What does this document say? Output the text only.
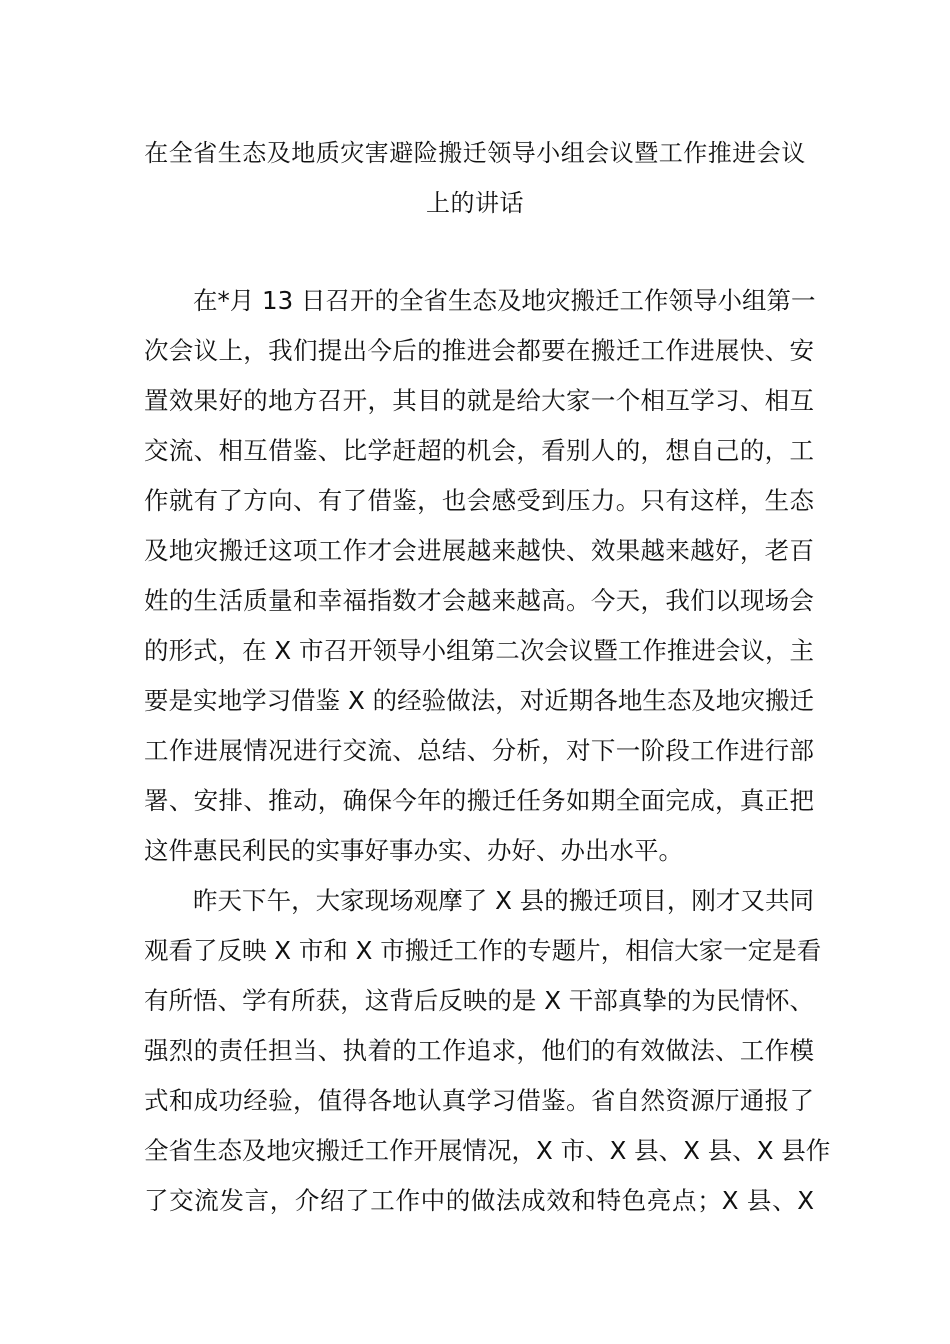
在全省生态及地质灾害避险搬迁领导小组会议暨工作推进会议
上的讲话
在*月 13 日召开的全省生态及地灾搬迁工作领导小组第一
次会议上，我们提出今后的推进会都要在搬迁工作进展快、安
置效果好的地方召开，其目的就是给大家一个相互学习、相互
交流、相互借鉴、比学赶超的机会，看别人的，想自己的，工
作就有了方向、有了借鉴，也会感受到压力。只有这样，生态
及地灾搬迁这项工作才会进展越来越快、效果越来越好，老百
姓的生活质量和幸福指数才会越来越高。今天，我们以现场会
的形式，在 X 市召开领导小组第二次会议暨工作推进会议，主
要是实地学习借鉴 X 的经验做法，对近期各地生态及地灾搬迁
工作进展情况进行交流、总结、分析，对下一阶段工作进行部
署、安排、推动，确保今年的搬迁任务如期全面完成，真正把
这件惠民利民的实事好事办实、办好、办出水平。
昨天下午，大家现场观摩了 X 县的搬迁项目，刚才又共同
观看了反映 X 市和 X 市搬迁工作的专题片，相信大家一定是看
有所悟、学有所获，这背后反映的是 X 干部真挚的为民情怀、
强烈的责任担当、执着的工作追求，他们的有效做法、工作模
式和成功经验，值得各地认真学习借鉴。省自然资源厅通报了
全省生态及地灾搬迁工作开展情况，X 市、X 县、X 县、X 县作
了交流发言，介绍了工作中的做法成效和特色亮点；X 县、X
